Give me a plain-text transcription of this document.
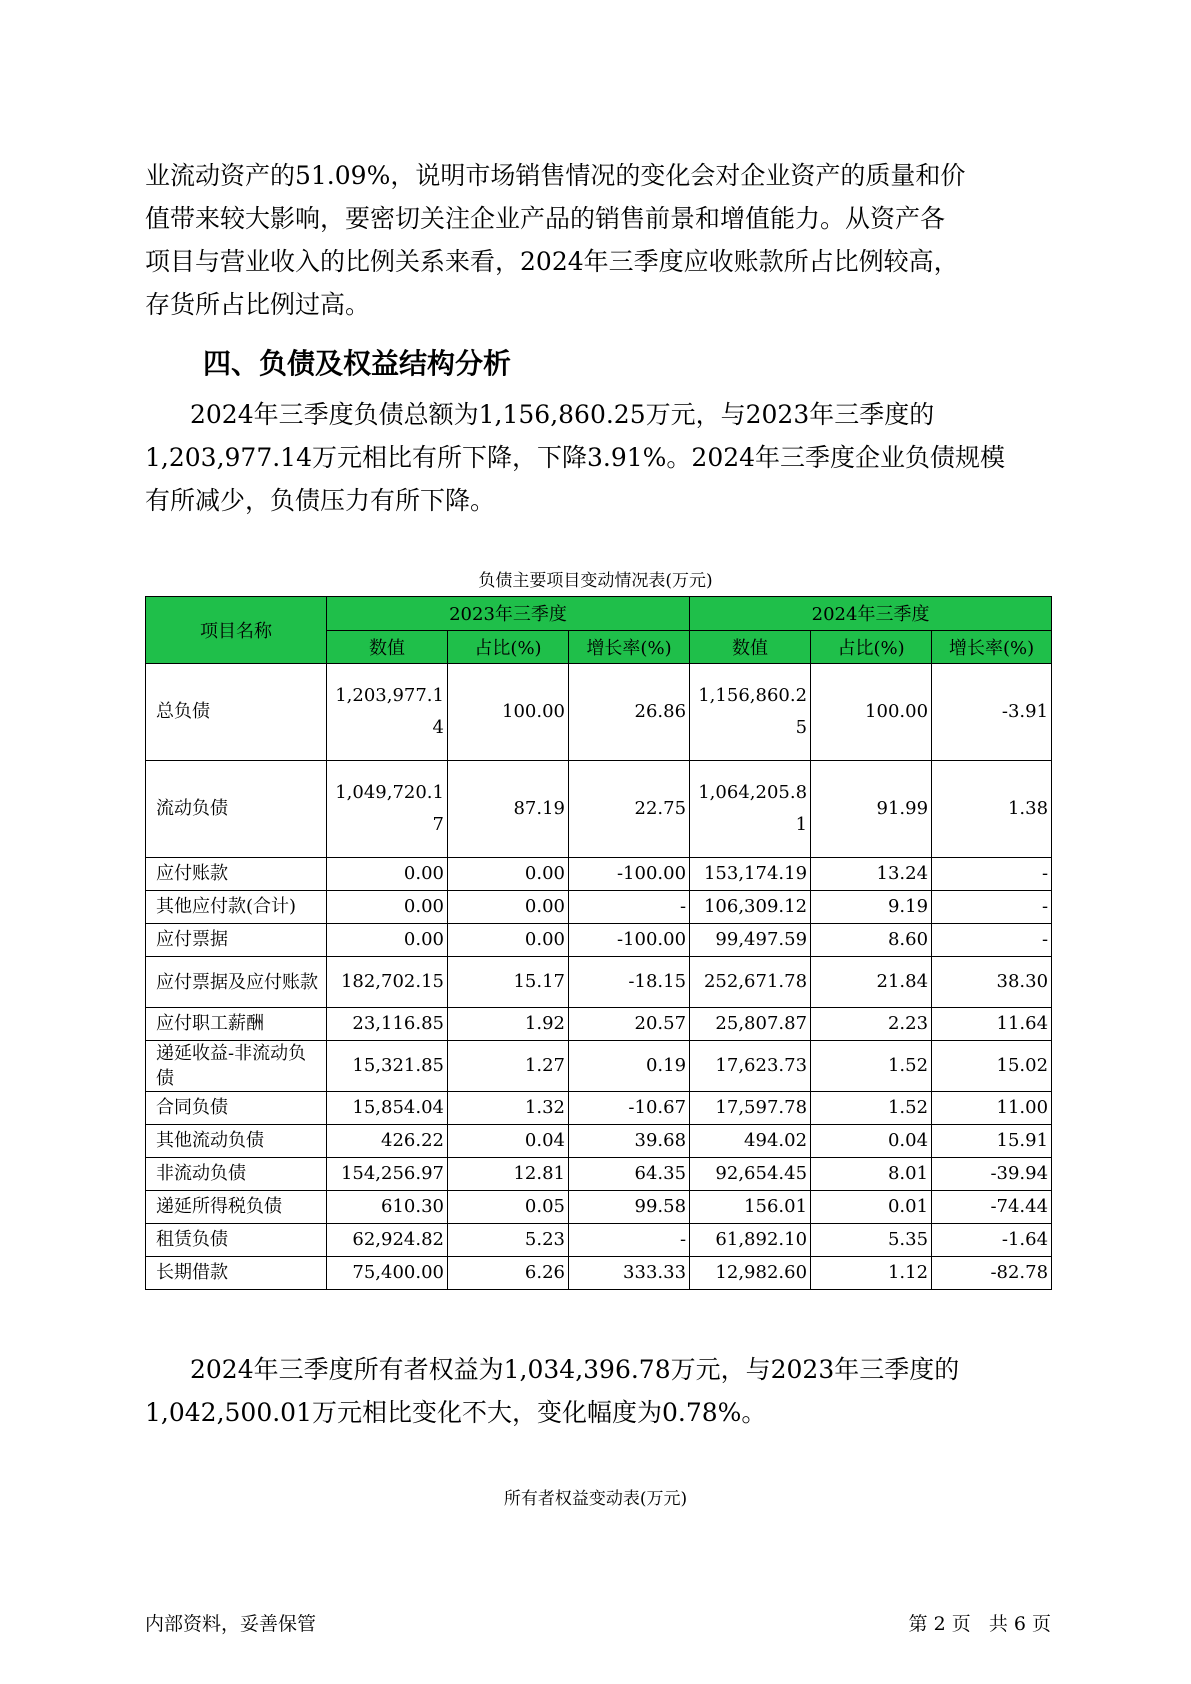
业流动资产的51.09%，说明市场销售情况的变化会对企业资产的质量和价
值带来较大影响，要密切关注企业产品的销售前景和增值能力。从资产各
项目与营业收入的比例关系来看，2024年三季度应收账款所占比例较高，
存货所占比例过高。
四、负债及权益结构分析
2024年三季度负债总额为1,156,860.25万元，与2023年三季度的
1,203,977.14万元相比有所下降，下降3.91%。2024年三季度企业负债规模
有所减少，负债压力有所下降。

负债主要项目变动情况表(万元)

项目名称	2023年三季度			2024年三季度		
	数值	占比(%)	增长率(%)	数值	占比(%)	增长率(%)
总负债	1,203,977.14	100.00	26.86	1,156,860.25	100.00	-3.91
流动负债	1,049,720.17	87.19	22.75	1,064,205.81	91.99	1.38
应付账款	0.00	0.00	-100.00	153,174.19	13.24	-
其他应付款(合计)	0.00	0.00	-	106,309.12	9.19	-
应付票据	0.00	0.00	-100.00	99,497.59	8.60	-
应付票据及应付账款	182,702.15	15.17	-18.15	252,671.78	21.84	38.30
应付职工薪酬	23,116.85	1.92	20.57	25,807.87	2.23	11.64
递延收益-非流动负债	15,321.85	1.27	0.19	17,623.73	1.52	15.02
合同负债	15,854.04	1.32	-10.67	17,597.78	1.52	11.00
其他流动负债	426.22	0.04	39.68	494.02	0.04	15.91
非流动负债	154,256.97	12.81	64.35	92,654.45	8.01	-39.94
递延所得税负债	610.30	0.05	99.58	156.01	0.01	-74.44
租赁负债	62,924.82	5.23	-	61,892.10	5.35	-1.64
长期借款	75,400.00	6.26	333.33	12,982.60	1.12	-82.78
2024年三季度所有者权益为1,034,396.78万元，与2023年三季度的
1,042,500.01万元相比变化不大，变化幅度为0.78%。

所有者权益变动表(万元)

内部资料，妥善保管	第 2 页   共 6 页
